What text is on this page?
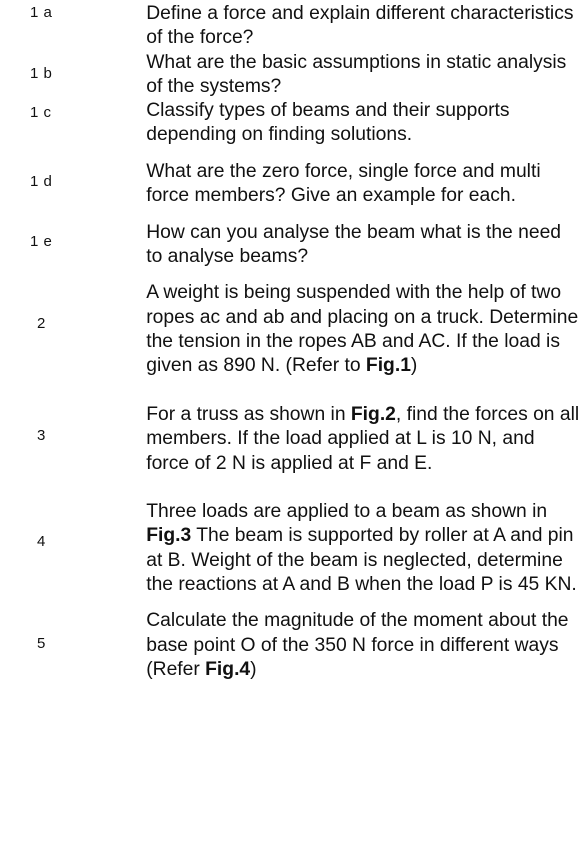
1 a	Define a force and explain different characteristics of the force?
1 b	What are the basic assumptions in static analysis of the systems?
1 c	Classify types of beams and their supports depending on finding solutions.
1 d	What are the zero force, single force and multi force members? Give an example for each.
1 e	How can you analyse the beam what is the need to analyse beams?
2	A weight is being suspended with the help of two ropes ac and ab and placing on a truck. Determine the tension in the ropes AB and AC. If the load is given as 890 N. (Refer to Fig.1)
3	For a truss as shown in Fig.2, find the forces on all members. If the load applied at L is 10 N, and force of 2 N is applied at F and E.
4	Three loads are applied to a beam as shown in Fig.3 The beam is supported by roller at A and pin at B. Weight of the beam is neglected, determine the reactions at A and B when the load P is 45 KN.
5	Calculate the magnitude of the moment about the base point O of the 350 N force in different ways (Refer Fig.4)
